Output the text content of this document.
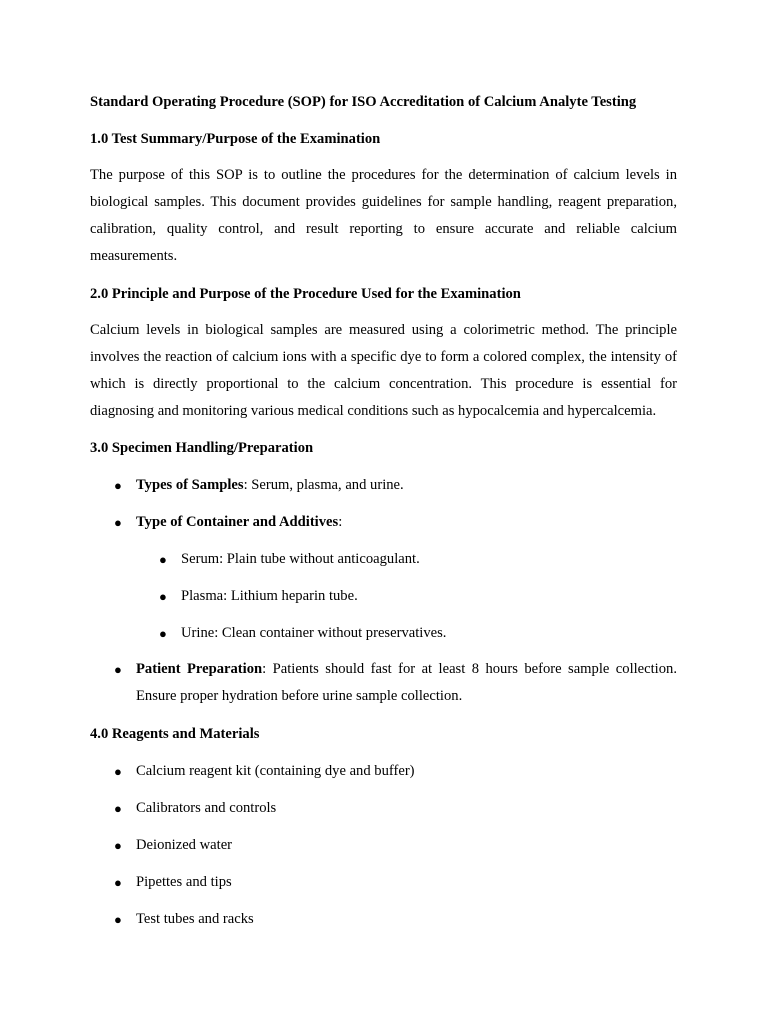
Standard Operating Procedure (SOP) for ISO Accreditation of Calcium Analyte Testing
1.0 Test Summary/Purpose of the Examination

The purpose of this SOP is to outline the procedures for the determination of calcium levels in biological samples. This document provides guidelines for sample handling, reagent preparation, calibration, quality control, and result reporting to ensure accurate and reliable calcium measurements.

2.0 Principle and Purpose of the Procedure Used for the Examination

Calcium levels in biological samples are measured using a colorimetric method. The principle involves the reaction of calcium ions with a specific dye to form a colored complex, the intensity of which is directly proportional to the calcium concentration. This procedure is essential for diagnosing and monitoring various medical conditions such as hypocalcemia and hypercalcemia.

3.0 Specimen Handling/Preparation
● Types of Samples: Serum, plasma, and urine.
● Type of Container and Additives:
● Serum: Plain tube without anticoagulant.
● Plasma: Lithium heparin tube.
● Urine: Clean container without preservatives.
● Patient Preparation: Patients should fast for at least 8 hours before sample collection. Ensure proper hydration before urine sample collection.
4.0 Reagents and Materials
● Calcium reagent kit (containing dye and buffer)
● Calibrators and controls
● Deionized water
● Pipettes and tips
● Test tubes and racks
